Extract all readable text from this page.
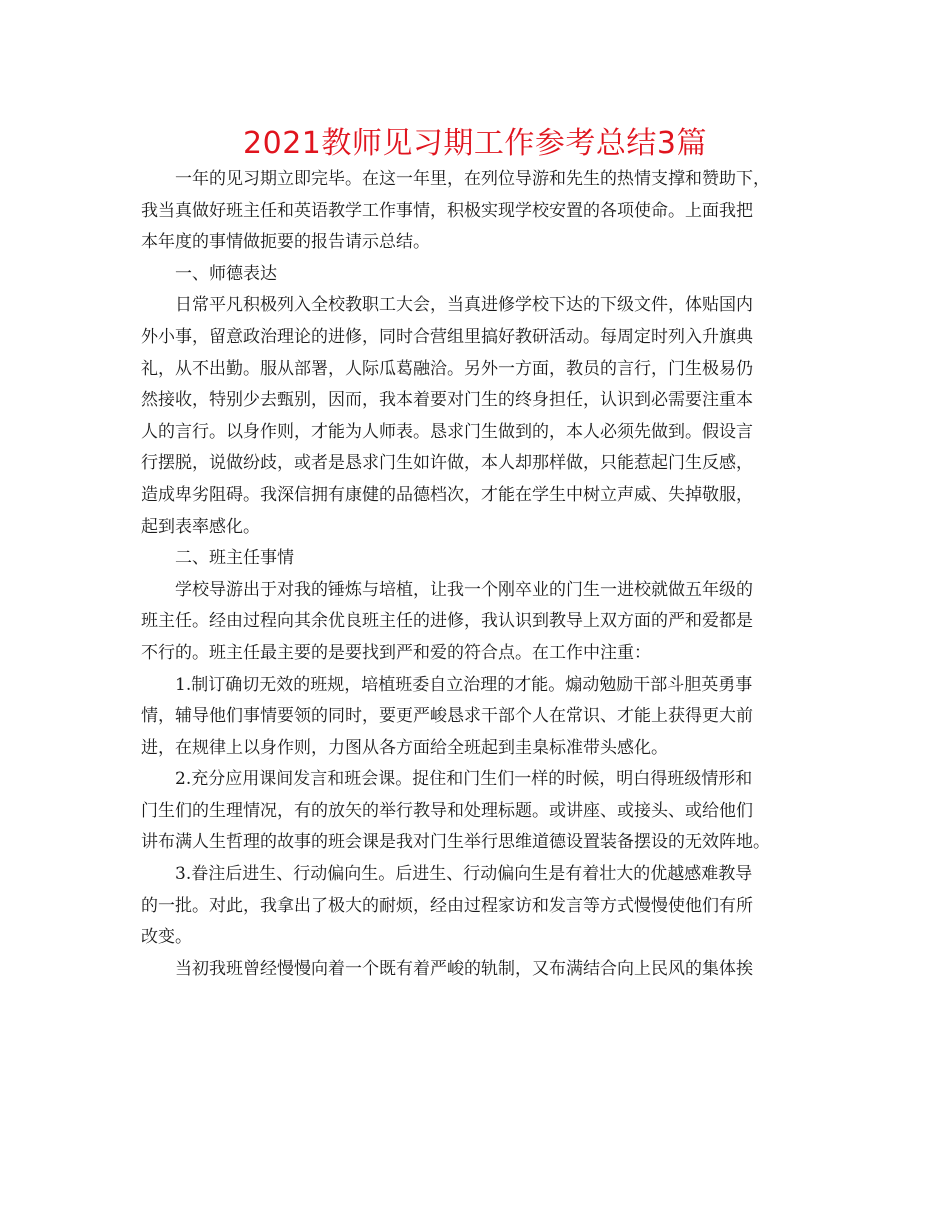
2021教师见习期工作参考总结3篇
一年的见习期立即完毕。在这一年里，在列位导游和先生的热情支撑和赞助下，
我当真做好班主任和英语教学工作事情，积极实现学校安置的各项使命。上面我把
本年度的事情做扼要的报告请示总结。
一、师德表达
日常平凡积极列入全校教职工大会，当真进修学校下达的下级文件，体贴国内
外小事，留意政治理论的进修，同时合营组里搞好教研活动。每周定时列入升旗典
礼，从不出勤。服从部署，人际瓜葛融洽。另外一方面，教员的言行，门生极易仍
然接收，特别少去甄别，因而，我本着要对门生的终身担任，认识到必需要注重本
人的言行。以身作则，才能为人师表。恳求门生做到的，本人必须先做到。假设言
行摆脱，说做纷歧，或者是恳求门生如许做，本人却那样做，只能惹起门生反感，
造成卑劣阻碍。我深信拥有康健的品德档次，才能在学生中树立声威、失掉敬服，
起到表率感化。
二、班主任事情
学校导游出于对我的锤炼与培植，让我一个刚卒业的门生一进校就做五年级的
班主任。经由过程向其余优良班主任的进修，我认识到教导上双方面的严和爱都是
不行的。班主任最主要的是要找到严和爱的符合点。在工作中注重：
1.制订确切无效的班规，培植班委自立治理的才能。煽动勉励干部斗胆英勇事
情，辅导他们事情要领的同时，要更严峻恳求干部个人在常识、才能上获得更大前
进，在规律上以身作则，力图从各方面给全班起到圭臬标准带头感化。
2.充分应用课间发言和班会课。捉住和门生们一样的时候，明白得班级情形和
门生们的生理情况，有的放矢的举行教导和处理标题。或讲座、或接头、或给他们
讲布满人生哲理的故事的班会课是我对门生举行思维道德设置装备摆设的无效阵地。
3.眷注后进生、行动偏向生。后进生、行动偏向生是有着壮大的优越感难教导
的一批。对此，我拿出了极大的耐烦，经由过程家访和发言等方式慢慢使他们有所
改变。
当初我班曾经慢慢向着一个既有着严峻的轨制，又布满结合向上民风的集体挨
